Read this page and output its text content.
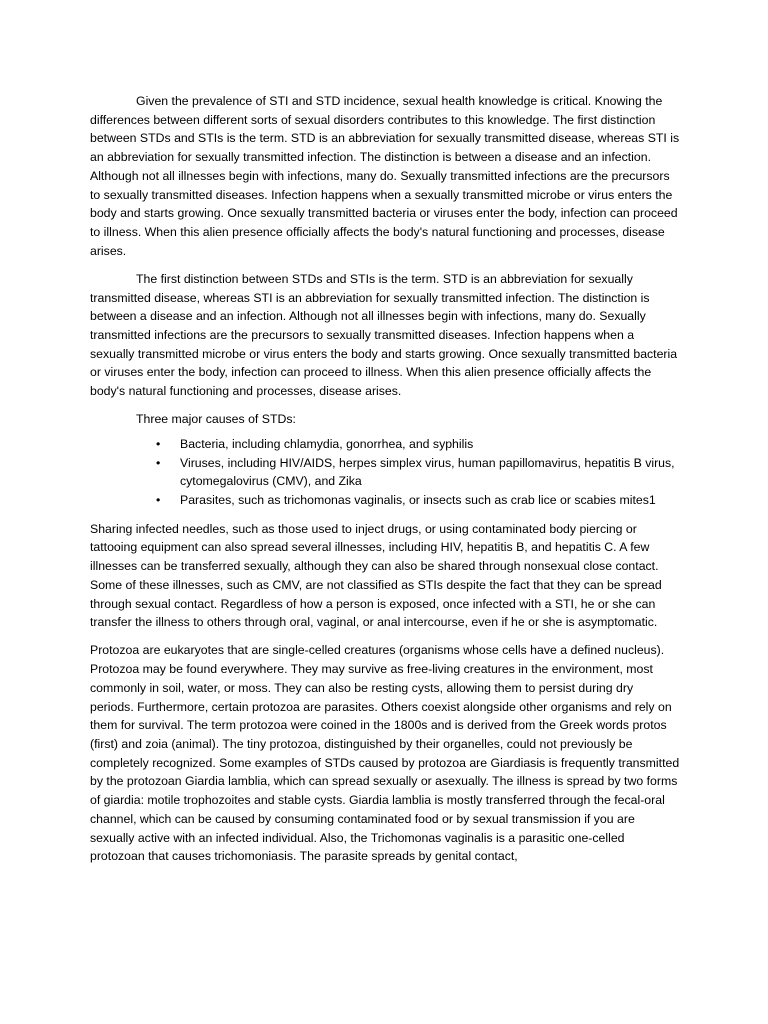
Given the prevalence of STI and STD incidence, sexual health knowledge is critical. Knowing the differences between different sorts of sexual disorders contributes to this knowledge. The first distinction between STDs and STIs is the term. STD is an abbreviation for sexually transmitted disease, whereas STI is an abbreviation for sexually transmitted infection. The distinction is between a disease and an infection. Although not all illnesses begin with infections, many do. Sexually transmitted infections are the precursors to sexually transmitted diseases. Infection happens when a sexually transmitted microbe or virus enters the body and starts growing. Once sexually transmitted bacteria or viruses enter the body, infection can proceed to illness. When this alien presence officially affects the body's natural functioning and processes, disease arises.

The first distinction between STDs and STIs is the term. STD is an abbreviation for sexually transmitted disease, whereas STI is an abbreviation for sexually transmitted infection. The distinction is between a disease and an infection. Although not all illnesses begin with infections, many do. Sexually transmitted infections are the precursors to sexually transmitted diseases. Infection happens when a sexually transmitted microbe or virus enters the body and starts growing. Once sexually transmitted bacteria or viruses enter the body, infection can proceed to illness. When this alien presence officially affects the body's natural functioning and processes, disease arises.

Three major causes of STDs:

• Bacteria, including chlamydia, gonorrhea, and syphilis
• Viruses, including HIV/AIDS, herpes simplex virus, human papillomavirus, hepatitis B virus, cytomegalovirus (CMV), and Zika
• Parasites, such as trichomonas vaginalis, or insects such as crab lice or scabies mites1

Sharing infected needles, such as those used to inject drugs, or using contaminated body piercing or tattooing equipment can also spread several illnesses, including HIV, hepatitis B, and hepatitis C. A few illnesses can be transferred sexually, although they can also be shared through nonsexual close contact. Some of these illnesses, such as CMV, are not classified as STIs despite the fact that they can be spread through sexual contact. Regardless of how a person is exposed, once infected with a STI, he or she can transfer the illness to others through oral, vaginal, or anal intercourse, even if he or she is asymptomatic.

Protozoa are eukaryotes that are single-celled creatures (organisms whose cells have a defined nucleus). Protozoa may be found everywhere. They may survive as free-living creatures in the environment, most commonly in soil, water, or moss. They can also be resting cysts, allowing them to persist during dry periods. Furthermore, certain protozoa are parasites. Others coexist alongside other organisms and rely on them for survival. The term protozoa were coined in the 1800s and is derived from the Greek words protos (first) and zoia (animal). The tiny protozoa, distinguished by their organelles, could not previously be completely recognized. Some examples of STDs caused by protozoa are Giardiasis is frequently transmitted by the protozoan Giardia lamblia, which can spread sexually or asexually. The illness is spread by two forms of giardia: motile trophozoites and stable cysts. Giardia lamblia is mostly transferred through the fecal-oral channel, which can be caused by consuming contaminated food or by sexual transmission if you are sexually active with an infected individual. Also, the Trichomonas vaginalis is a parasitic one-celled protozoan that causes trichomoniasis. The parasite spreads by genital contact,
